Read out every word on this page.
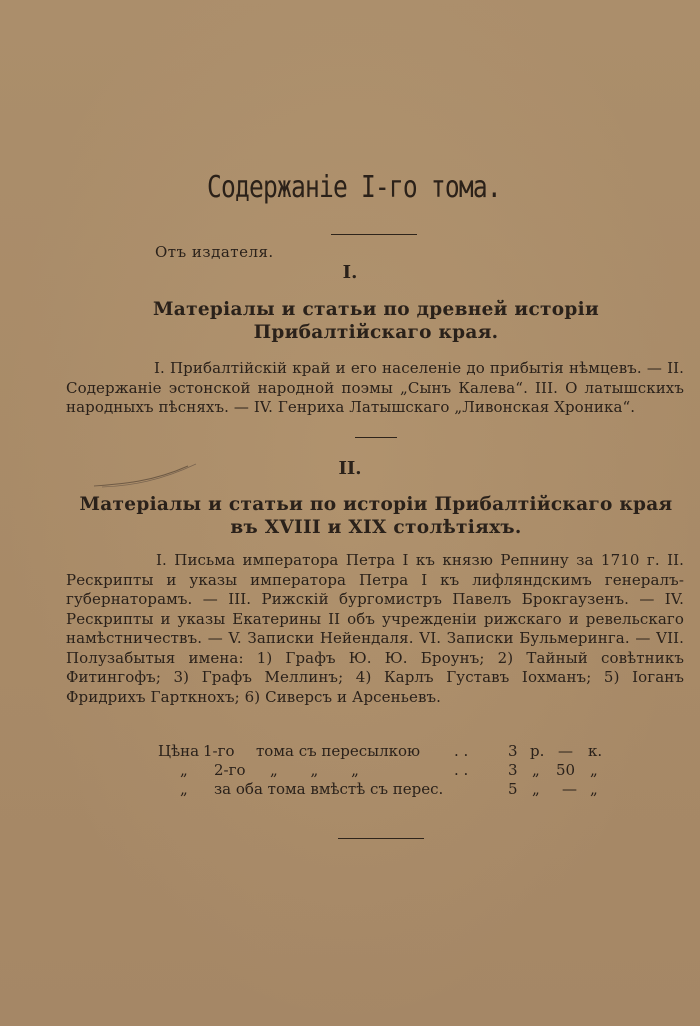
Содержаніе І-го тома.
Отъ издателя.
I.
Матеріалы и статьи по древней исторіи Прибалтійскаго края.
I. Прибалтійскій край и его населеніе до прибытія нѣмцевъ. — II. Содержаніе эстонской народной поэмы „Сынъ Калева“. III. О латышскихъ народныхъ пѣсняхъ. — IV. Генриха Латышскаго „Ливонская Хроника“.
II.
Матеріалы и статьи по исторіи Прибалтійскаго края въ XVIII и XIX столѣтіяхъ.
I. Письма императора Петра I къ князю Репнину за 1710 г. II. Рескрипты и указы императора Петра I къ лифляндскимъ генералъ-губернаторамъ. — III. Рижскій бургомистръ Павелъ Брокгаузенъ. — IV. Рескрипты и указы Екатерины II объ учрежденіи рижскаго и ревельскаго намѣстничествъ. — V. Записки Нейендаля. VI. Записки Бульмеринга. — VII. Полузабытыя имена: 1) Графъ Ю. Ю. Броунъ; 2) Тайный совѣтникъ Фитингофъ; 3) Графъ Меллинъ; 4) Карлъ Густавъ Іохманъ; 5) Іоганъ Фридрихъ Гарткнохъ; 6) Сиверсъ и Арсеньевъ.
Цѣна 1-го тома съ пересылкою . .	3 р. — к.
„ 2-го „ „ „	. .	3 „ 50 „
„ за оба тома вмѣстѣ съ перес.	5 „ — „
